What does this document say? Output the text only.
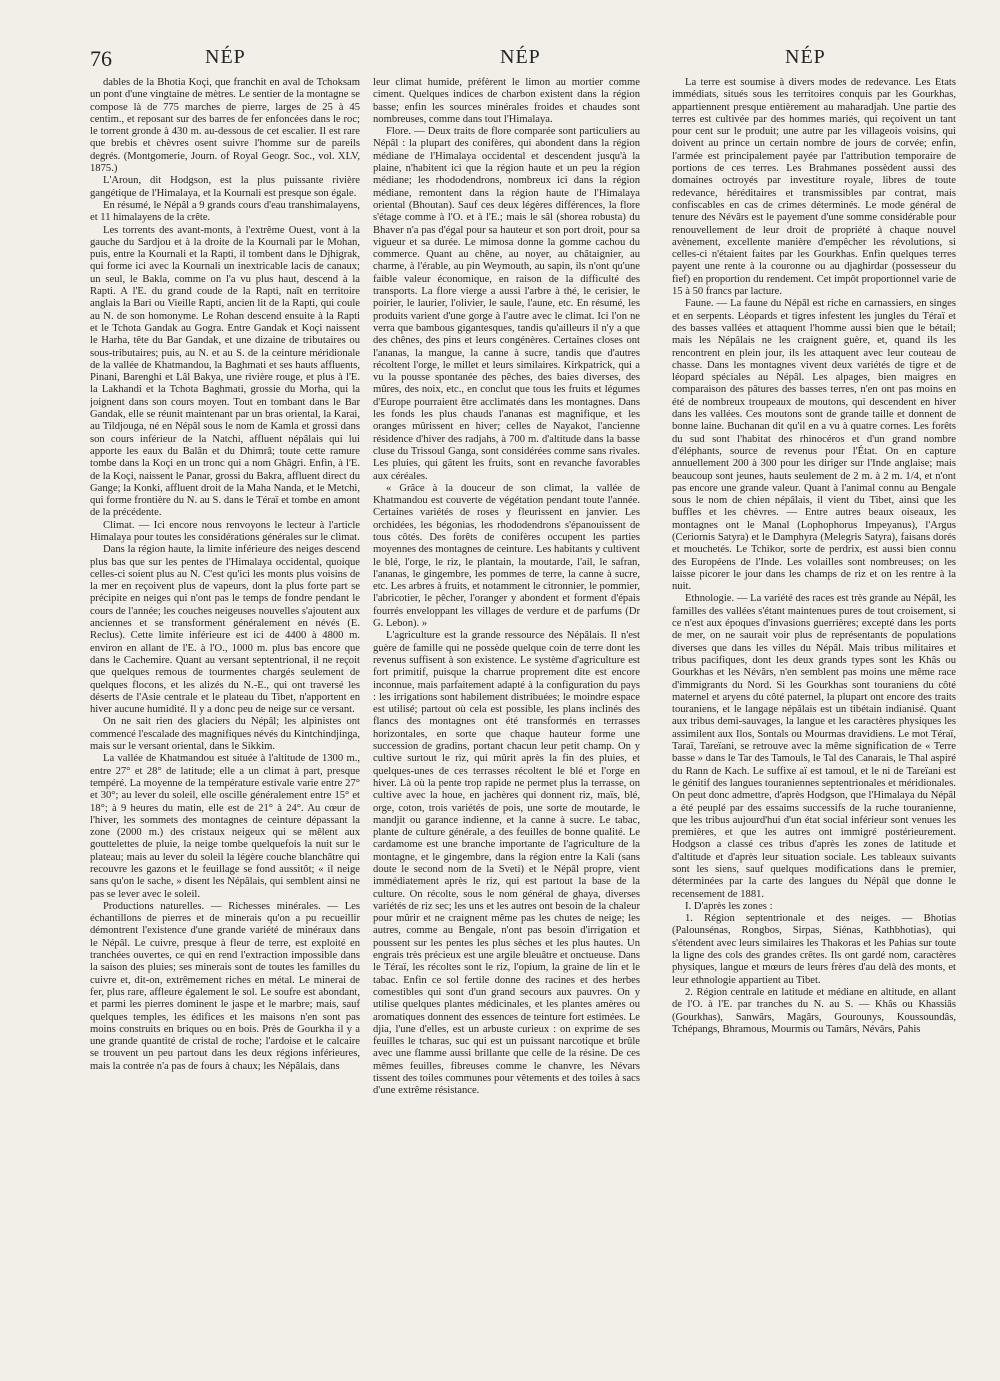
76	NÉP	NÉP	NÉP

dables de la Bhotia Koçi, que franchit en aval de Tchoksam un pont d'une vingtaine de mètres. Le sentier de la montagne se compose là de 775 marches de pierre, larges de 25 à 45 centim., et reposant sur des barres de fer enfoncées dans le roc; le torrent gronde à 430 m. au-dessous de cet escalier. Il est rare que brebis et chèvres osent suivre l'homme sur de pareils degrés. (Montgomerie, Journ. of Royal Geogr. Soc., vol. XLV, 1875.)

L'Aroun, dit Hodgson, est la plus puissante rivière gangétique de l'Himalaya, et la Kournali est presque son égale.

En résumé, le Népâl a 9 grands cours d'eau transhimalayens, et 11 himalayens de la crête.

Les torrents des avant-monts, à l'extrême Ouest, vont à la gauche du Sardjou et à la droite de la Kournali par le Mohan, puis, entre la Kournali et la Rapti, il tombent dans le Djhigrak, qui forme ici avec la Kournali un inextricable lacis de canaux; un seul, le Bakla, comme on l'a vu plus haut, descend à la Rapti. A l'E. du grand coude de la Rapti, naît en territoire anglais la Bari ou Vieille Rapti, ancien lit de la Rapti, qui coule au N. de son homonyme. Le Rohan descend ensuite à la Rapti et le Tchota Gandak au Gogra. Entre Gandak et Koçi naissent le Harha, tête du Bar Gandak, et une dizaine de tributaires ou sous-tributaires; puis, au N. et au S. de la ceinture méridionale de la vallée de Khatmandou, la Baghmati et ses hauts affluents, Pinani, Barenghi et Lâl Bakya, une rivière rouge, et plus à l'E. la Lakhandi et la Tchota Baghmati, grossie du Morha, qui la joignent dans son cours moyen. Tout en tombant dans le Bar Gandak, elle se réunit maintenant par un bras oriental, la Karai, au Tildjouga, né en Népâl sous le nom de Kamla et grossi dans son cours inférieur de la Natchi, affluent népâlais qui lui apporte les eaux du Balân et du Dhimrâ; toute cette ramure tombe dans la Koçi en un tronc qui a nom Ghâgri. Enfin, à l'E. de la Koçi, naissent le Panar, grossi du Bakra, affluent direct du Gange; la Konki, affluent droit de la Maha Nanda, et le Metchi, qui forme frontière du N. au S. dans le Téraï et tombe en amont de la précédente.

Climat. — Ici encore nous renvoyons le lecteur à l'article Himalaya pour toutes les considérations générales sur le climat.

Dans la région haute, la limite inférieure des neiges descend plus bas que sur les pentes de l'Himalaya occidental, quoique celles-ci soient plus au N. C'est qu'ici les monts plus voisins de la mer en reçoivent plus de vapeurs, dont la plus forte part se précipite en neiges qui n'ont pas le temps de fondre pendant le cours de l'année; les couches neigeuses nouvelles s'ajoutent aux anciennes et se transforment généralement en névés (E. Reclus). Cette limite inférieure est ici de 4400 à 4800 m. environ en allant de l'E. à l'O., 1000 m. plus bas encore que dans le Cachemire. Quant au versant septentrional, il ne reçoit que quelques remous de tourmentes chargés seulement de quelques flocons, et les alizés du N.-E., qui ont traversé les déserts de l'Asie centrale et le plateau du Tibet, n'apportent en hiver aucune humidité. Il y a donc peu de neige sur ce versant.

On ne sait rien des glaciers du Népâl; les alpinistes ont commencé l'escalade des magnifiques névés du Kintchindjinga, mais sur le versant oriental, dans le Sikkim.

La vallée de Khatmandou est située à l'altitude de 1300 m., entre 27° et 28° de latitude; elle a un climat à part, presque tempéré. La moyenne de la température estivale varie entre 27° et 30°; au lever du soleil, elle oscille généralement entre 15° et 18°; à 9 heures du matin, elle est de 21° à 24°. Au cœur de l'hiver, les sommets des montagnes de ceinture dépassant la zone (2000 m.) des cristaux neigeux qui se mêlent aux gouttelettes de pluie, la neige tombe quelquefois la nuit sur le plateau; mais au lever du soleil la légère couche blanchâtre qui recouvre les gazons et le feuillage se fond aussitôt; « il neige sans qu'on le sache, » disent les Népâlais, qui semblent ainsi ne pas se lever avec le soleil.

Productions naturelles. — Richesses minérales. — Les échantillons de pierres et de minerais qu'on a pu recueillir démontrent l'existence d'une grande variété de minéraux dans le Népâl. Le cuivre, presque à fleur de terre, est exploité en tranchées ouvertes, ce qui en rend l'extraction impossible dans la saison des pluies; ses minerais sont de toutes les familles du cuivre et, dit-on, extrêmement riches en métal. Le minerai de fer, plus rare, affleure également le sol. Le soufre est abondant, et parmi les pierres dominent le jaspe et le marbre; mais, sauf quelques temples, les édifices et les maisons n'en sont pas moins construits en briques ou en bois. Près de Gourkha il y a une grande quantité de cristal de roche; l'ardoise et le calcaire se trouvent un peu partout dans les deux régions inférieures, mais la contrée n'a pas de fours à chaux; les Népâlais, dans

leur climat humide, préfèrent le limon au mortier comme ciment. Quelques indices de charbon existent dans la région basse; enfin les sources minérales froides et chaudes sont nombreuses, comme dans tout l'Himalaya.

Flore. — Deux traits de flore comparée sont particuliers au Népâl : la plupart des conifères, qui abondent dans la région médiane de l'Himalaya occidental et descendent jusqu'à la plaine, n'habitent ici que la région haute et un peu la région médiane; les rhododendrons, nombreux ici dans la région médiane, remontent dans la région haute de l'Himalaya oriental (Bhoutan). Sauf ces deux légères différences, la flore s'étage comme à l'O. et à l'E.; mais le sâl (shorea robusta) du Bhaver n'a pas d'égal pour sa hauteur et son port droit, pour sa vigueur et sa durée. Le mimosa donne la gomme cachou du commerce. Quant au chêne, au noyer, au châtaignier, au charme, à l'érable, au pin Weymouth, au sapin, ils n'ont qu'une faible valeur économique, en raison de la difficulté des transports. La flore vierge a aussi l'arbre à thé, le cerisier, le poirier, le laurier, l'olivier, le saule, l'aune, etc. En résumé, les produits varient d'une gorge à l'autre avec le climat. Ici l'on ne verra que bambous gigantesques, tandis qu'ailleurs il n'y a que des chênes, des pins et leurs congénères. Certaines closes ont l'ananas, la mangue, la canne à sucre, tandis que d'autres récoltent l'orge, le millet et leurs similaires. Kirkpatrick, qui a vu la pousse spontanée des pêches, des baies diverses, des mûres, des noix, etc., en conclut que tous les fruits et légumes d'Europe pourraient être acclimatés dans les montagnes. Dans les fonds les plus chauds l'ananas est magnifique, et les oranges mûrissent en hiver; celles de Nayakot, l'ancienne résidence d'hiver des radjahs, à 700 m. d'altitude dans la basse cluse du Trissoul Ganga, sont considérées comme sans rivales. Les pluies, qui gâtent les fruits, sont en revanche favorables aux céréales.

« Grâce à la douceur de son climat, la vallée de Khatmandou est couverte de végétation pendant toute l'année. Certaines variétés de roses y fleurissent en janvier. Les orchidées, les bégonias, les rhododendrons s'épanouissent de tous côtés. Des forêts de conifères occupent les parties moyennes des montagnes de ceinture. Les habitants y cultivent le blé, l'orge, le riz, le plantain, la moutarde, l'ail, le safran, l'ananas, le gingembre, les pommes de terre, la canne à sucre, etc. Les arbres à fruits, et notamment le citronnier, le pommier, l'abricotier, le pêcher, l'oranger y abondent et forment d'épais fourrés enveloppant les villages de verdure et de parfums (Dr G. Lebon). »

L'agriculture est la grande ressource des Népâlais. Il n'est guère de famille qui ne possède quelque coin de terre dont les revenus suffisent à son existence. Le système d'agriculture est fort primitif, puisque la charrue proprement dite est encore inconnue, mais parfaitement adapté à la configuration du pays : les irrigations sont habilement distribuées; le moindre espace est utilisé; partout où cela est possible, les plans inclinés des flancs des montagnes ont été transformés en terrasses horizontales, en sorte que chaque hauteur forme une succession de gradins, portant chacun leur petit champ. On y cultive surtout le riz, qui mûrit après la fin des pluies, et quelques-unes de ces terrasses récoltent le blé et l'orge en hiver. Là où la pente trop rapide ne permet plus la terrasse, on cultive avec la houe, en jachères qui donnent riz, maïs, blé, orge, coton, trois variétés de pois, une sorte de moutarde, le mandjit ou garance indienne, et la canne à sucre. Le tabac, plante de culture générale, a des feuilles de bonne qualité. Le cardamome est une branche importante de l'agriculture de la montagne, et le gingembre, dans la région entre la Kali (sans doute le second nom de la Sveti) et le Népâl propre, vient immédiatement après le riz, qui est partout la base de la culture. On récolte, sous le nom général de ghaya, diverses variétés de riz sec; les uns et les autres ont besoin de la chaleur pour mûrir et ne craignent même pas les chutes de neige; les autres, comme au Bengale, n'ont pas besoin d'irrigation et poussent sur les pentes les plus sèches et les plus hautes. Un engrais très précieux est une argile bleuâtre et onctueuse. Dans le Téraï, les récoltes sont le riz, l'opium, la graine de lin et le tabac. Enfin ce sol fertile donne des racines et des herbes comestibles qui sont d'un grand secours aux pauvres. On y utilise quelques plantes médicinales, et les plantes amères ou aromatiques donnent des essences de teinture fort estimées. Le djia, l'une d'elles, est un arbuste curieux : on exprime de ses feuilles le tcharas, suc qui est un puissant narcotique et brûle avec une flamme aussi brillante que celle de la résine. De ces mêmes feuilles, fibreuses comme le chanvre, les Névars tissent des toiles communes pour vêtements et des toiles à sacs d'une extrême résistance.

La terre est soumise à divers modes de redevance. Les États immédiats, situés sous les territoires conquis par les Gourkhas, appartiennent presque entièrement au maharadjah. Une partie des terres est cultivée par des hommes mariés, qui reçoivent un tant pour cent sur le produit; une autre par les villageois voisins, qui doivent au prince un certain nombre de jours de corvée; enfin, l'armée est principalement payée par l'attribution temporaire de portions de ces terres. Les Brahmanes possèdent aussi des domaines octroyés par investiture royale, libres de toute redevance, héréditaires et transmissibles par contrat, mais confiscables en cas de crimes déterminés. Le mode général de tenure des Névârs est le payement d'une somme considérable pour renouvellement de leur droit de propriété à chaque nouvel avènement, excellente manière d'empêcher les révolutions, si celles-ci n'étaient faites par les Gourkhas. Enfin quelques terres payent une rente à la couronne ou au djaghirdar (possesseur du fief) en proportion du rendement. Cet impôt proportionnel varie de 15 à 50 francs par lacture.

Faune. — La faune du Népâl est riche en carnassiers, en singes et en serpents. Léopards et tigres infestent les jungles du Téraï et des basses vallées et attaquent l'homme aussi bien que le bétail; mais les Népâlais ne les craignent guère, et, quand ils les rencontrent en plein jour, ils les attaquent avec leur couteau de chasse. Dans les montagnes vivent deux variétés de tigre et de léopard spéciales au Népâl. Les alpages, bien maigres en comparaison des pâtures des basses terres, n'en ont pas moins en été de nombreux troupeaux de moutons, qui descendent en hiver dans les vallées. Ces moutons sont de grande taille et donnent de bonne laine. Buchanan dit qu'il en a vu à quatre cornes. Les forêts du sud sont l'habitat des rhinocéros et d'un grand nombre d'éléphants, source de revenus pour l'État. On en capture annuellement 200 à 300 pour les diriger sur l'Inde anglaise; mais beaucoup sont jeunes, hauts seulement de 2 m. à 2 m. 1/4, et n'ont pas encore une grande valeur. Quant à l'animal connu au Bengale sous le nom de chien népâlais, il vient du Tibet, ainsi que les buffles et les chèvres. — Entre autres beaux oiseaux, les montagnes ont le Manal (Lophophorus Impeyanus), l'Argus (Ceriornis Satyra) et le Damphyra (Melegris Satyra), faisans dorés et mouchetés. Le Tchikor, sorte de perdrix, est aussi bien connu des Européens de l'Inde. Les volailles sont nombreuses; on les laisse picorer le jour dans les champs de riz et on les rentre à la nuit.

Ethnologie. — La variété des races est très grande au Népâl, les familles des vallées s'étant maintenues pures de tout croisement, si ce n'est aux époques d'invasions guerrières; excepté dans les ports de mer, on ne saurait voir plus de représentants de populations diverses que dans les villes du Népâl. Mais tribus militaires et tribus pacifiques, dont les deux grands types sont les Khâs ou Gourkhas et les Névârs, n'en semblent pas moins une même race d'immigrants du Nord. Si les Gourkhas sont touraniens du côté maternel et aryens du côté paternel, la plupart ont encore des traits touraniens, et le langage népâlais est un tibétain indianisé. Quant aux tribus demi-sauvages, la langue et les caractères physiques les assimilent aux Ilos, Sontals ou Mourmas dravidiens. Le mot Téraï, Taraï, Tareïani, se retrouve avec la même signification de « Terre basse » dans le Tar des Tamouls, le Tal des Canarais, le Thal aspiré du Rann de Kach. Le suffixe aï est tamoul, et le ni de Tareïani est le génitif des langues touraniennes septentrionales et méridionales. On peut donc admettre, d'après Hodgson, que l'Himalaya du Népâl a été peuplé par des essaims successifs de la ruche touranienne, que les tribus aujourd'hui d'un état social inférieur sont venues les premières, et que les autres ont immigré postérieurement. Hodgson a classé ces tribus d'après les zones de latitude et d'altitude et d'après leur situation sociale. Les tableaux suivants sont les siens, sauf quelques modifications dans le premier, déterminées par la carte des langues du Népâl que donne le recensement de 1881.

I. D'après les zones :

1. Région septentrionale et des neiges. — Bhotias (Palounsénas, Rongbos, Sirpas, Siénas, Kathbhotias), qui s'étendent avec leurs similaires les Thakoras et les Pahias sur toute la ligne des cols des grandes crêtes. Ils ont gardé nom, caractères physiques, langue et mœurs de leurs frères d'au delà des monts, et leur ethnologie appartient au Tibet.

2. Région centrale en latitude et médiane en altitude, en allant de l'O. à l'E. par tranches du N. au S. — Khâs ou Khassiâs (Gourkhas), Sanwârs, Magârs, Gourounys, Koussoundâs, Tchépangs, Bhramous, Mourmis ou Tamârs, Névârs, Pahis
